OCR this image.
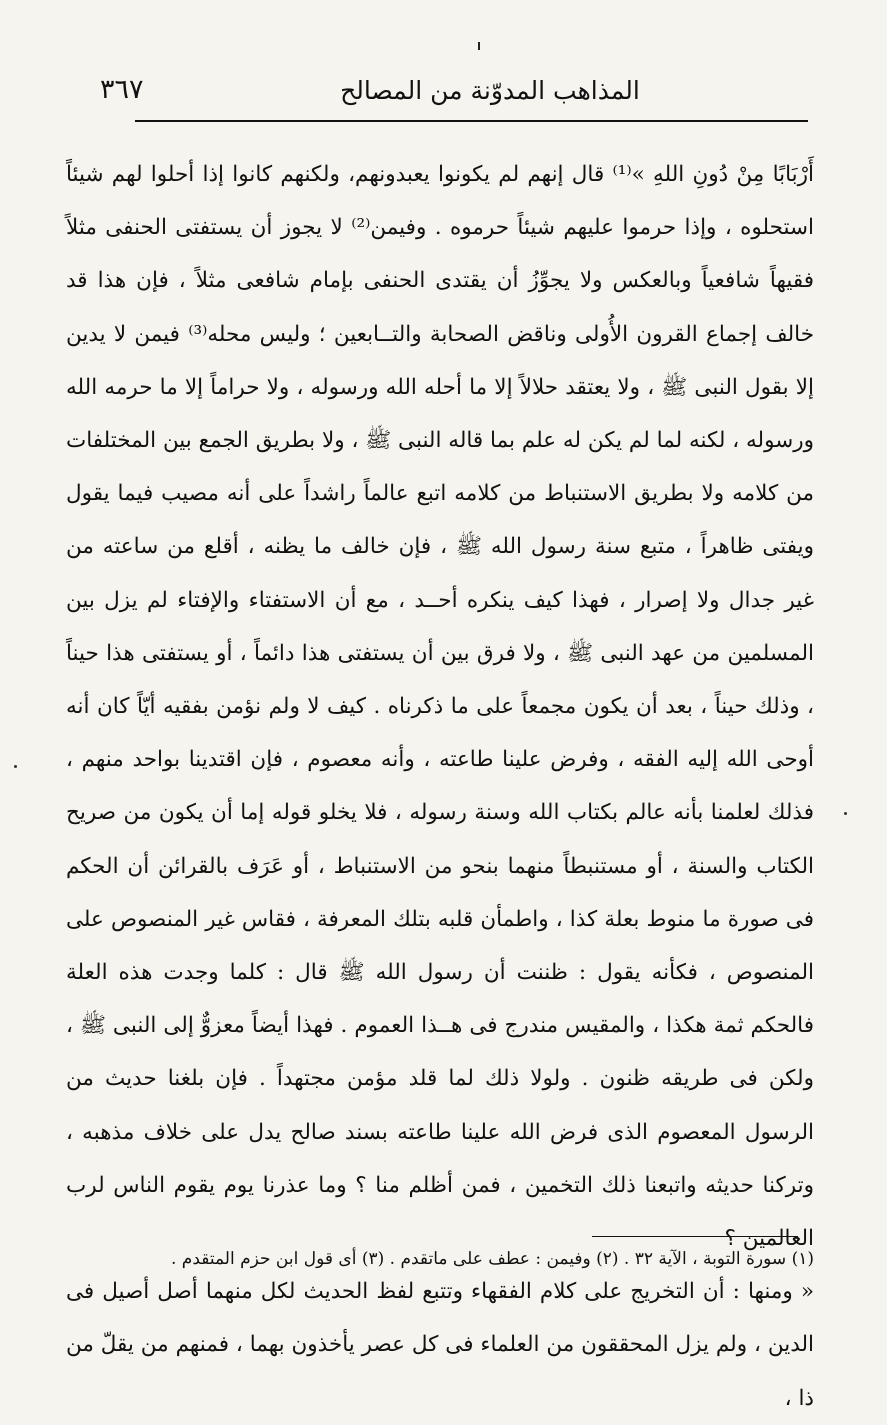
٣٦٧	المذاهب المدوّنة من المصالح

أَرْبَابًا مِنْ دُونِ اللهِ »⁽¹⁾ قال إنهم لم يكونوا يعبدونهم، ولكنهم كانوا إذا أحلوا لهم شيئاً استحلوه ، وإذا حرموا عليهم شيئاً حرموه . وفيمن⁽²⁾ لا يجوز أن يستفتى الحنفى مثلاً فقيهاً شافعياً وبالعكس ولا يجوِّزُ أن يقتدى الحنفى بإمام شافعى مثلاً ، فإن هذا قد خالف إجماع القرون الأُولى وناقض الصحابة والتــابعين ؛ وليس محله⁽³⁾ فيمن لا يدين إلا بقول النبى ﷺ ، ولا يعتقد حلالاً إلا ما أحله الله ورسوله ، ولا حراماً إلا ما حرمه الله ورسوله ، لكنه لما لم يكن له علم بما قاله النبى ﷺ ، ولا بطريق الجمع بين المختلفات من كلامه ولا بطريق الاستنباط من كلامه اتبع عالماً راشداً على أنه مصيب فيما يقول ويفتى ظاهراً ، متبع سنة رسول الله ﷺ ، فإن خالف ما يظنه ، أقلع من ساعته من غير جدال ولا إصرار ، فهذا كيف ينكره أحــد ، مع أن الاستفتاء والإفتاء لم يزل بين المسلمين من عهد النبى ﷺ ، ولا فرق بين أن يستفتى هذا دائماً ، أو يستفتى هذا حيناً ، وذلك حيناً ، بعد أن يكون مجمعاً على ما ذكرناه . كيف لا ولم نؤمن بفقيه أيّاً كان أنه أوحى الله إليه الفقه ، وفرض علينا طاعته ، وأنه معصوم ، فإن اقتدينا بواحد منهم ، فذلك لعلمنا بأنه عالم بكتاب الله وسنة رسوله ، فلا يخلو قوله إما أن يكون من صريح الكتاب والسنة ، أو مستنبطاً منهما بنحو من الاستنباط ، أو عَرَف بالقرائن أن الحكم فى صورة ما منوط بعلة كذا ، واطمأن قلبه بتلك المعرفة ، فقاس غير المنصوص على المنصوص ، فكأنه يقول : ظننت أن رسول الله ﷺ قال : كلما وجدت هذه العلة فالحكم ثمة هكذا ، والمقيس مندرج فى هــذا العموم . فهذا أيضاً معزوٌّ إلى النبى ﷺ ، ولكن فى طريقه ظنون . ولولا ذلك لما قلد مؤمن مجتهداً . فإن بلغنا حديث من الرسول المعصوم الذى فرض الله علينا طاعته بسند صالح يدل على خلاف مذهبه ، وتركنا حديثه واتبعنا ذلك التخمين ، فمن أظلم منا ؟ وما عذرنا يوم يقوم الناس لرب العالمين ؟

« ومنها : أن التخريج على كلام الفقهاء وتتبع لفظ الحديث لكل منهما أصل أصيل فى الدين ، ولم يزل المحققون من العلماء فى كل عصر يأخذون بهما ، فمنهم من يقلّ من ذا ،

(١) سورة التوبة ، الآية ٣٢ . (٢) وفيمن : عطف على ماتقدم . (٣) أى قول ابن حزم المتقدم .
